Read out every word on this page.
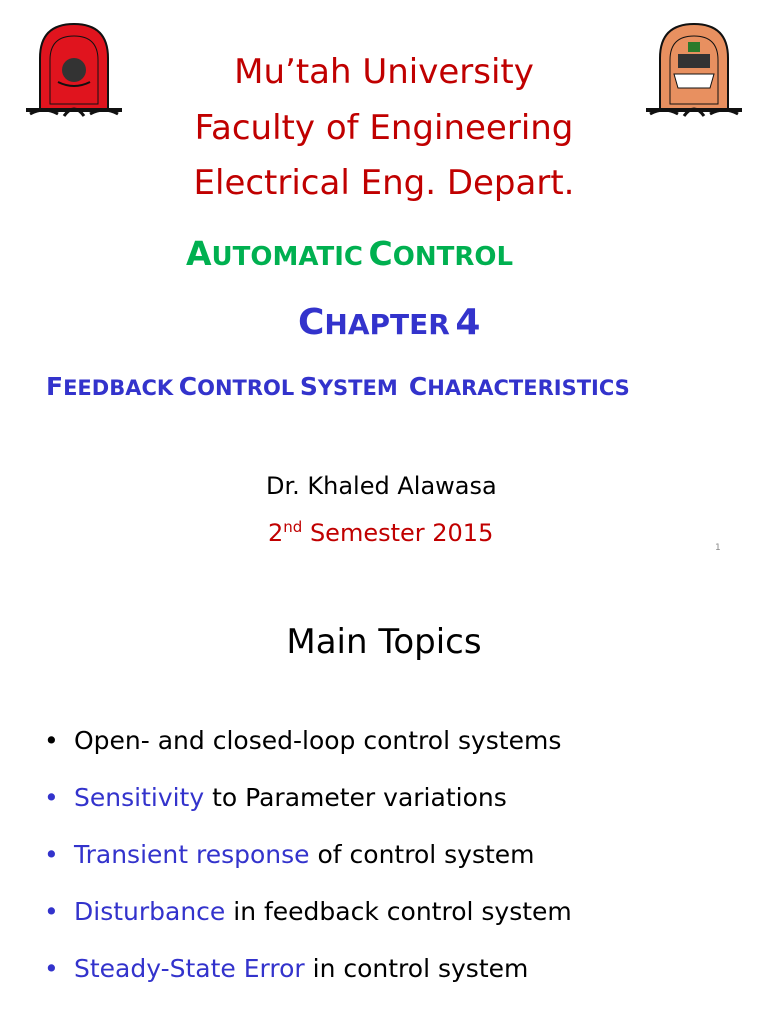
Mu’tah University
Faculty of Engineering
Electrical Eng. Depart.
AUTOMATIC CONTROL
CHAPTER 4
FEEDBACK CONTROL SYSTEM CHARACTERISTICS
Dr. Khaled Alawasa
2nd Semester 2015
1
Main Topics
• Open- and closed-loop control systems
• Sensitivity to Parameter variations
• Transient response of control system
• Disturbance in feedback control system
• Steady-State Error in control system
